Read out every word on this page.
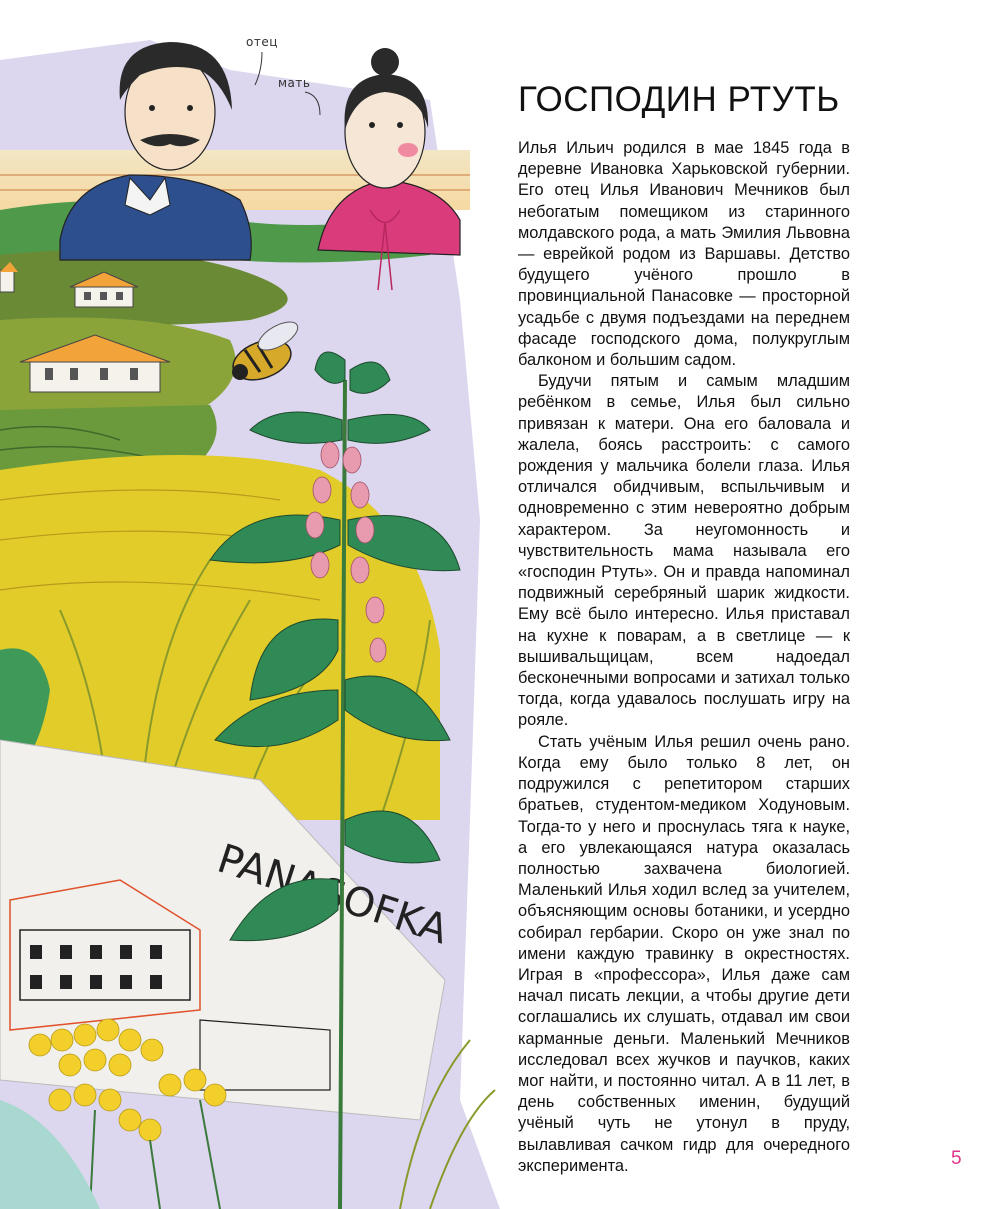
отец
мать	ГОСПОДИН РТУТЬ

Илья Ильич родился в мае 1845 года в деревне Ивановка Харьковской губернии. Его отец Илья Иванович Мечников был небогатым помещиком из старинного молдавского рода, а мать Эмилия Львовна — еврейкой родом из Варшавы. Детство будущего учёного прошло в провинциальной Панасовке — просторной усадьбе с двумя подъездами на переднем фасаде господского дома, полукруглым балконом и большим садом.

Будучи пятым и самым младшим ребёнком в семье, Илья был сильно привязан к матери. Она его баловала и жалела, боясь расстроить: с самого рождения у мальчика болели глаза. Илья отличался обидчивым, вспыльчивым и одновременно с этим невероятно добрым характером. За неугомонность и чувствительность мама называла его «господин Ртуть». Он и правда напоминал подвижный серебряный шарик жидкости. Ему всё было интересно. Илья приставал на кухне к поварам, а в светлице — к вышивальщицам, всем надоедал бесконечными вопросами и затихал только тогда, когда удавалось послушать игру на рояле.

Стать учёным Илья решил очень рано. Когда ему было только 8 лет, он подружился с репетитором старших братьев, студентом-медиком Ходуновым. Тогда-то у него и проснулась тяга к науке, а его увлекающаяся натура оказалась полностью захвачена биологией. Маленький Илья ходил вслед за учителем, объясняющим основы ботаники, и усердно собирал гербарии. Скоро он уже знал по имени каждую травинку в окрестностях. Играя в «профессора», Илья даже сам начал писать лекции, а чтобы другие дети соглашались их слушать, отдавал им свои карманные деньги. Маленький Мечников исследовал всех жучков и паучков, каких мог найти, и постоянно читал. А в 11 лет, в день собственных именин, будущий учёный чуть не утонул в пруду, вылавливая сачком гидр для очередного эксперимента.	5
